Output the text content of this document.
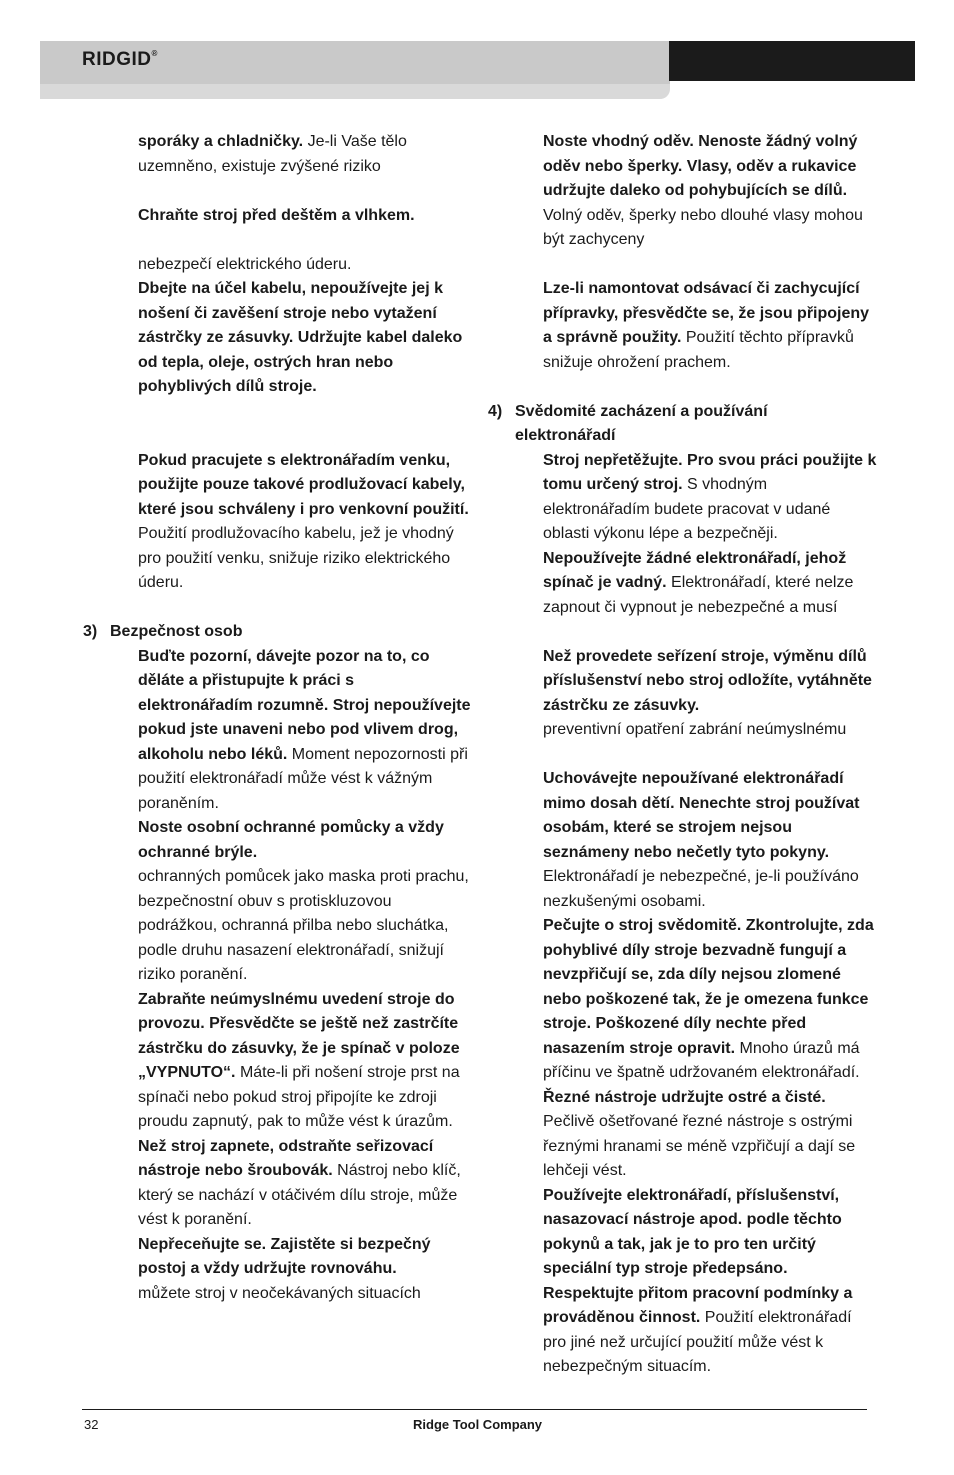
RIDGID®

sporáky a chladničky. Je-li Vaše tělo
uzemněno, existuje zvýšené riziko

Chraňte stroj před deštěm a vlhkem.

nebezpečí elektrického úderu.

Dbejte na účel kabelu, nepoužívejte jej k nošení či zavěšení stroje nebo vytažení zástrčky ze zásuvky. Udržujte kabel daleko od tepla, oleje, ostrých hran nebo pohyblivých dílů stroje.

Pokud pracujete s elektronářadím venku, použijte pouze takové prodlužovací kabely, které jsou schváleny i pro venkovní použití. Použití prodlužovacího kabelu, jež je vhodný pro použití venku, snižuje riziko elektrického úderu.

3) Bezpečnost osob

Buďte pozorní, dávejte pozor na to, co děláte a přistupujte k práci s elektronářadím rozumně. Stroj nepoužívejte pokud jste unaveni nebo pod vlivem drog, alkoholu nebo léků. Moment nepozornosti při použití elektronářadí může vést k vážným poraněním.

Noste osobní ochranné pomůcky a vždy ochranné brýle.
ochranných pomůcek jako maska proti prachu, bezpečnostní obuv s protiskluzovou podrážkou, ochranná přilba nebo sluchátka, podle druhu nasazení elektronářadí, snižují riziko poranění.

Zabraňte neúmyslnému uvedení stroje do provozu. Přesvědčte se ještě než zastrčíte zástrčku do zásuvky, že je spínač v poloze „VYPNUTO“. Máte-li při nošení stroje prst na spínači nebo pokud stroj připojíte ke zdroji proudu zapnutý, pak to může vést k úrazům.

Než stroj zapnete, odstraňte seřizovací nástroje nebo šroubovák. Nástroj nebo klíč, který se nachází v otáčivém dílu stroje, může vést k poranění.

Nepřeceňujte se. Zajistěte si bezpečný postoj a vždy udržujte rovnováhu.
můžete stroj v neočekávaných situacích

Noste vhodný oděv. Nenoste žádný volný oděv nebo šperky. Vlasy, oděv a rukavice udržujte daleko od pohybujících se dílů. Volný oděv, šperky nebo dlouhé vlasy mohou být zachyceny

Lze-li namontovat odsávací či zachycující přípravky, přesvědčte se, že jsou připojeny a správně použity. Použití těchto přípravků snižuje ohrožení prachem.

4) Svědomité zacházení a používání
elektronářadí

Stroj nepřetěžujte. Pro svou práci použijte k tomu určený stroj. S vhodným elektronářadím budete pracovat v udané oblasti výkonu lépe a bezpečněji.

Nepoužívejte žádné elektronářadí, jehož spínač je vadný. Elektronářadí, které nelze zapnout či vypnout je nebezpečné a musí

Než provedete seřízení stroje, výměnu dílů příslušenství nebo stroj odložíte, vytáhněte zástrčku ze zásuvky.
preventivní opatření zabrání neúmyslnému

Uchovávejte nepoužívané elektronářadí mimo dosah dětí. Nenechte stroj používat osobám, které se strojem nejsou seznámeny nebo nečetly tyto pokyny. Elektronářadí je nebezpečné, je-li používáno nezkušenými osobami.

Pečujte o stroj svědomitě. Zkontrolujte, zda pohyblivé díly stroje bezvadně fungují a nevzpřičují se, zda díly nejsou zlomené nebo poškozené tak, že je omezena funkce stroje. Poškozené díly nechte před nasazením stroje opravit. Mnoho úrazů má příčinu ve špatně udržovaném elektronářadí.

Řezné nástroje udržujte ostré a čisté. Pečlivě ošetřované řezné nástroje s ostrými řeznými hranami se méně vzpřičují a dají se lehčeji vést.

Používejte elektronářadí, příslušenství, nasazovací nástroje apod. podle těchto pokynů a tak, jak je to pro ten určitý speciální typ stroje předepsáno. Respektujte přitom pracovní podmínky a prováděnou činnost. Použití elektronářadí pro jiné než určující použití může vést k nebezpečným situacím.

32	Ridge Tool Company
